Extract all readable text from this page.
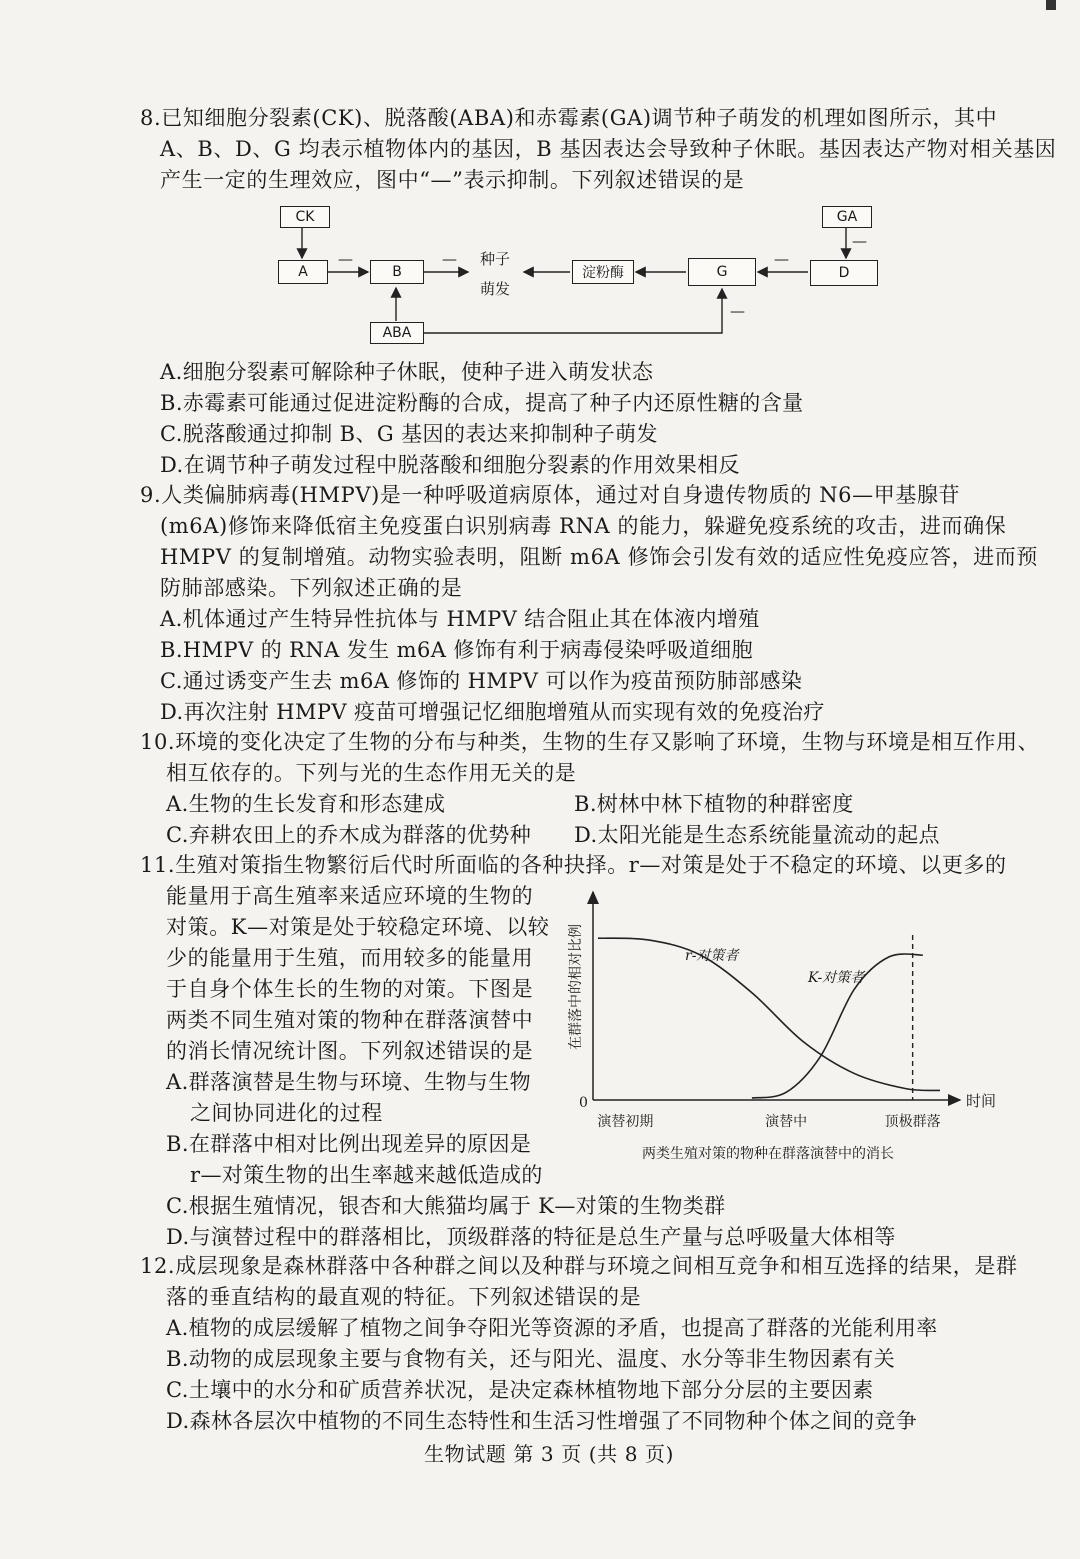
8.已知细胞分裂素(CK)、脱落酸(ABA)和赤霉素(GA)调节种子萌发的机理如图所示，其中
A、B、D、G 均表示植物体内的基因，B 基因表达会导致种子休眠。基因表达产物对相关基因
产生一定的生理效应，图中“—”表示抑制。下列叙述错误的是
CK	GA
A	B	淀粉酶	G	D
ABA
种子
萌发
—	—	—
—
—
A.细胞分裂素可解除种子休眠，使种子进入萌发状态
B.赤霉素可能通过促进淀粉酶的合成，提高了种子内还原性糖的含量
C.脱落酸通过抑制 B、G 基因的表达来抑制种子萌发
D.在调节种子萌发过程中脱落酸和细胞分裂素的作用效果相反
9.人类偏肺病毒(HMPV)是一种呼吸道病原体，通过对自身遗传物质的 N6—甲基腺苷
(m6A)修饰来降低宿主免疫蛋白识别病毒 RNA 的能力，躲避免疫系统的攻击，进而确保
HMPV 的复制增殖。动物实验表明，阻断 m6A 修饰会引发有效的适应性免疫应答，进而预
防肺部感染。下列叙述正确的是
A.机体通过产生特异性抗体与 HMPV 结合阻止其在体液内增殖
B.HMPV 的 RNA 发生 m6A 修饰有利于病毒侵染呼吸道细胞
C.通过诱变产生去 m6A 修饰的 HMPV 可以作为疫苗预防肺部感染
D.再次注射 HMPV 疫苗可增强记忆细胞增殖从而实现有效的免疫治疗
10.环境的变化决定了生物的分布与种类，生物的生存又影响了环境，生物与环境是相互作用、
相互依存的。下列与光的生态作用无关的是
A.生物的生长发育和形态建成	B.树林中林下植物的种群密度
C.弃耕农田上的乔木成为群落的优势种 D.太阳光能是生态系统能量流动的起点
11.生殖对策指生物繁衍后代时所面临的各种抉择。r—对策是处于不稳定的环境、以更多的
能量用于高生殖率来适应环境的生物的
对策。K—对策是处于较稳定环境、以较
少的能量用于生殖，而用较多的能量用
于自身个体生长的生物的对策。下图是
两类不同生殖对策的物种在群落演替中
的消长情况统计图。下列叙述错误的是
A.群落演替是生物与环境、生物与生物
之间协同进化的过程
B.在群落中相对比例出现差异的原因是
r—对策生物的出生率越来越低造成的
C.根据生殖情况，银杏和大熊猫均属于 K—对策的生物类群
D.与演替过程中的群落相比，顶级群落的特征是总生产量与总呼吸量大体相等
在群落中的相对比例
时间
0
演替初期	演替中	顶极群落
r-对策者
K-对策者
两类生殖对策的物种在群落演替中的消长
12.成层现象是森林群落中各种群之间以及种群与环境之间相互竞争和相互选择的结果，是群
落的垂直结构的最直观的特征。下列叙述错误的是
A.植物的成层缓解了植物之间争夺阳光等资源的矛盾，也提高了群落的光能利用率
B.动物的成层现象主要与食物有关，还与阳光、温度、水分等非生物因素有关
C.土壤中的水分和矿质营养状况，是决定森林植物地下部分分层的主要因素
D.森林各层次中植物的不同生态特性和生活习性增强了不同物种个体之间的竞争
生物试题 第 3 页 (共 8 页)
